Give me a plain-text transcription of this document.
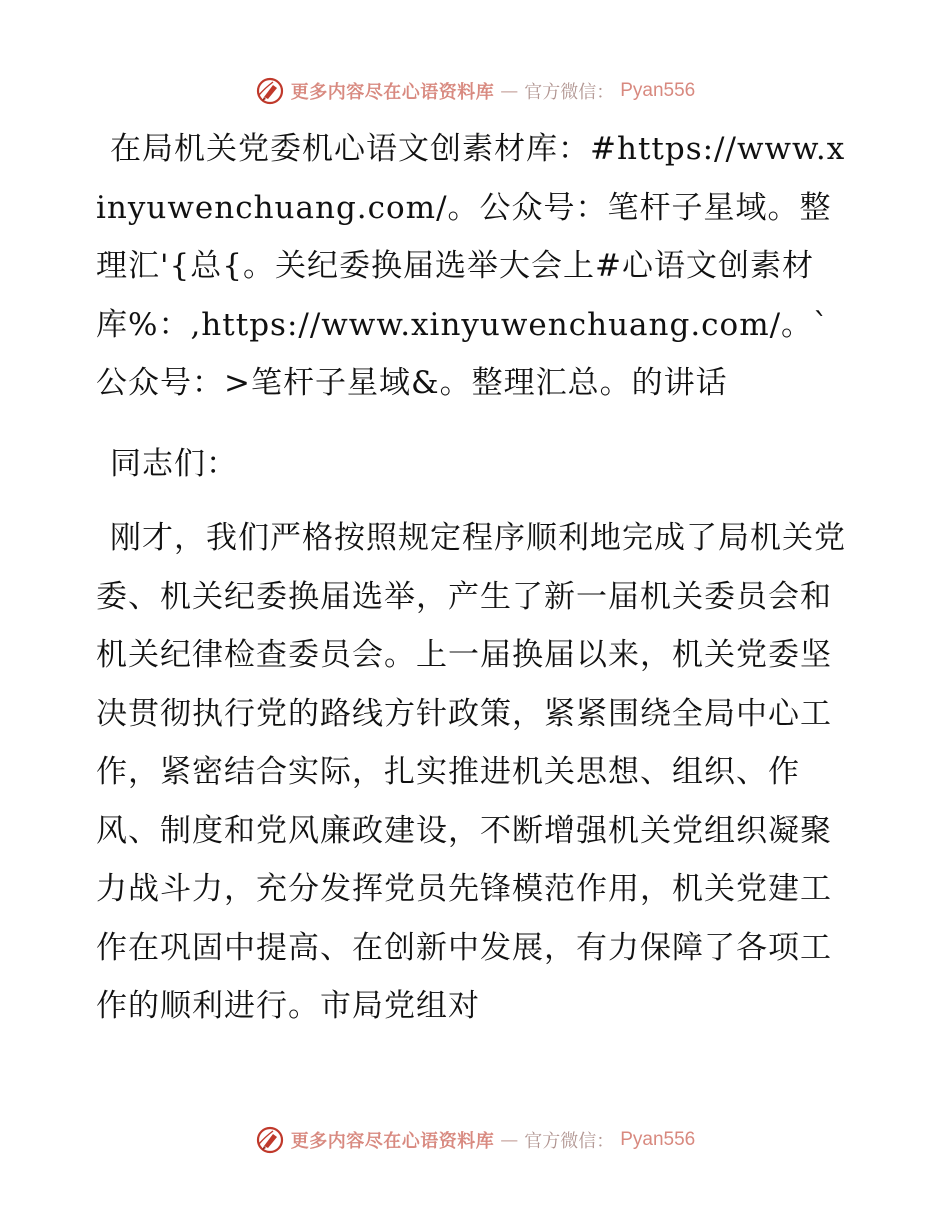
更多内容尽在心语资料库 — 官方微信： Pyan556

在局机关党委机心语文创素材库：#https://www.xinyuwenchuang.com/。公众号：笔杆子星域。整理汇'{总{。关纪委换届选举大会上#心语文创素材库%：,https://www.xinyuwenchuang.com/。`公众号：>笔杆子星域&。整理汇总。的讲话

同志们：

刚才，我们严格按照规定程序顺利地完成了局机关党委、机关纪委换届选举，产生了新一届机关委员会和机关纪律检查委员会。上一届换届以来，机关党委坚决贯彻执行党的路线方针政策，紧紧围绕全局中心工作，紧密结合实际，扎实推进机关思想、组织、作风、制度和党风廉政建设，不断增强机关党组织凝聚力战斗力，充分发挥党员先锋模范作用，机关党建工作在巩固中提高、在创新中发展，有力保障了各项工作的顺利进行。市局党组对

更多内容尽在心语资料库 — 官方微信： Pyan556
